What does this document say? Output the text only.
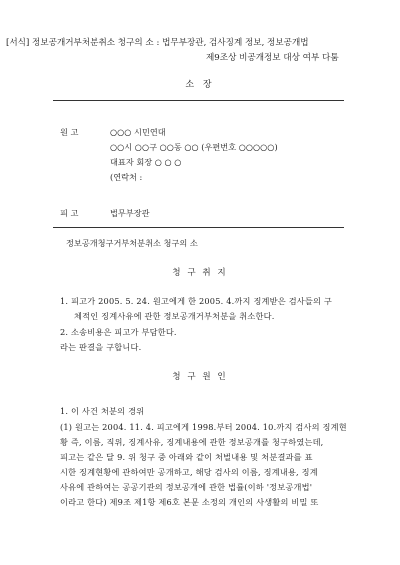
[서식] 정보공개거부처분취소 청구의 소 : 법무부장관, 검사징계 정보, 정보공개법
제9조상 비공개정보 대상 여부 다툼
소 장
원 고	○○○ 시민연대
○○시 ○○구 ○○동 ○○ (우편번호 ○○○○○)
대표자 회장 ○ ○ ○
(연락처 :
피 고	법무부장관
정보공개청구거부처분취소 청구의 소
청 구 취 지
1. 피고가 2005. 5. 24. 원고에게 한 2005. 4.까지 징계받은 검사들의 구
체적인 징계사유에 관한 정보공개거부처분을 취소한다.
2. 소송비용은 피고가 부담한다.
라는 판결을 구합니다.
청 구 원 인
1. 이 사건 처분의 경위
(1) 원고는 2004. 11. 4. 피고에게 1998.부터 2004. 10.까지 검사의 징계현
황 즉, 이름, 직위, 징계사유, 징계내용에 관한 정보공개를 청구하였는데,
피고는 같은 달 9. 위 청구 중 아래와 같이 처벌내용 및 처분결과를 표
시한 징계현황에 관하여만 공개하고, 해당 검사의 이름, 징계내용, 징계
사유에 관하여는 공공기관의 정보공개에 관한 법률(이하 '정보공개법'
이라고 한다) 제9조 제1항 제6호 본문 소정의 개인의 사생활의 비밀 또
